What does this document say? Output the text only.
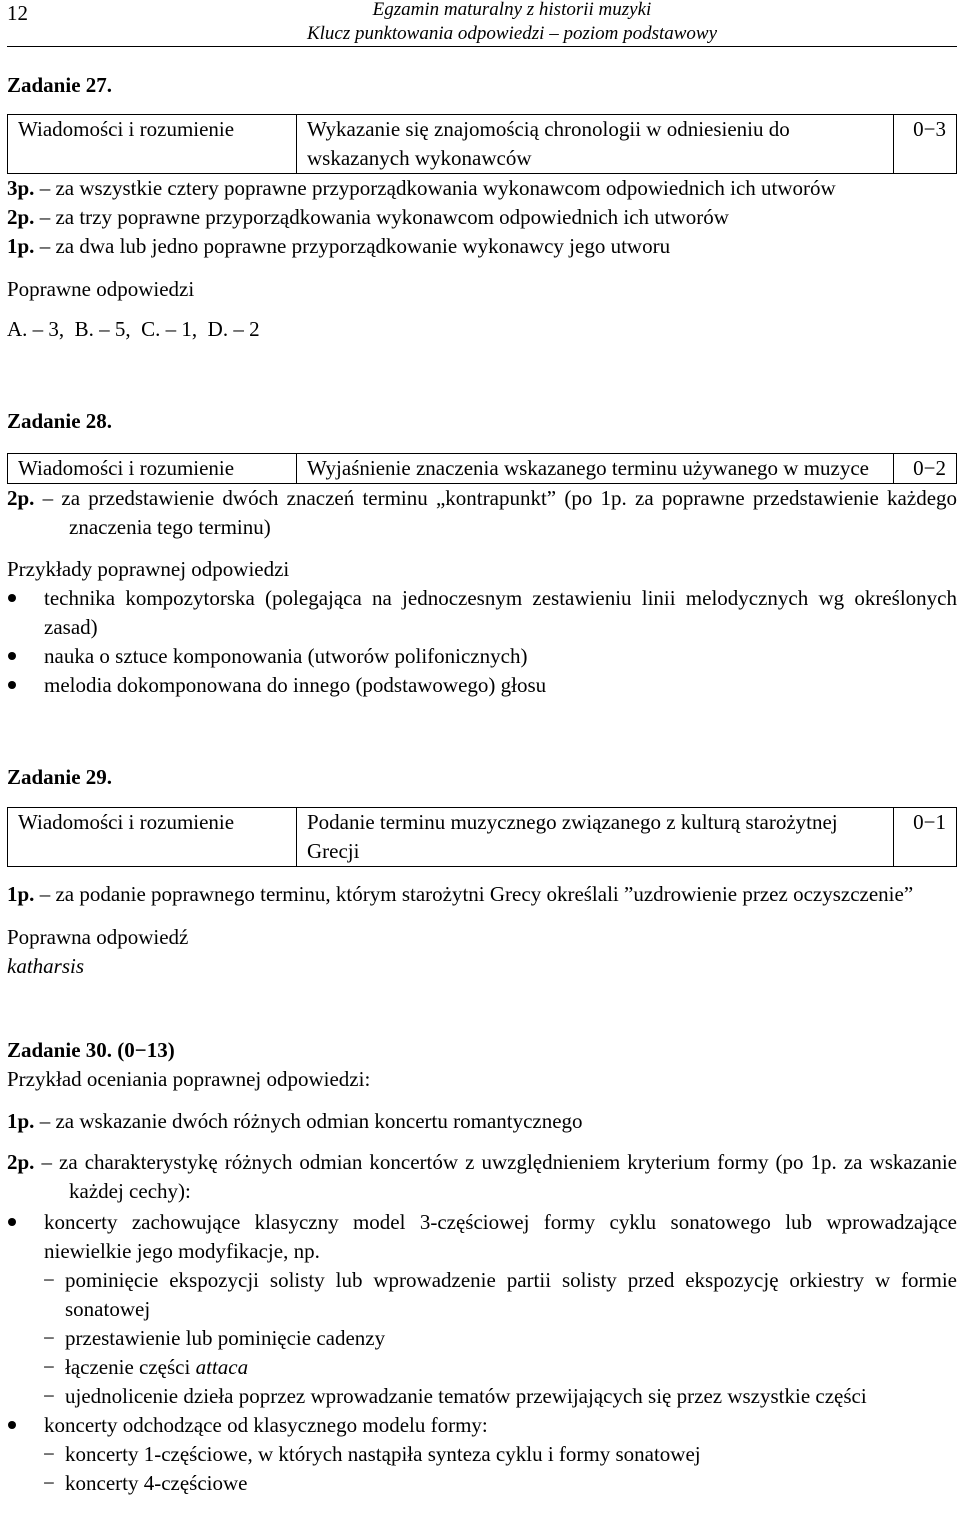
12	Egzamin maturalny z historii muzyki
Klucz punktowania odpowiedzi – poziom podstawowy

Zadanie 27.

Wiadomości i rozumienie	Wykazanie się znajomością chronologii w odniesieniu do wskazanych wykonawców	0−3
3p. – za wszystkie cztery poprawne przyporządkowania wykonawcom odpowiednich ich utworów
2p. – za trzy poprawne przyporządkowania wykonawcom odpowiednich ich utworów
1p. – za dwa lub jedno poprawne przyporządkowanie wykonawcy jego utworu
Poprawne odpowiedzi
A. – 3,  B. – 5,  C. – 1,  D. – 2

Zadanie 28.

Wiadomości i rozumienie	Wyjaśnienie znaczenia wskazanego terminu używanego w muzyce	0−2
2p. – za przedstawienie dwóch znaczeń terminu „kontrapunkt” (po 1p. za poprawne przedstawienie każdego znaczenia tego terminu)
Przykłady poprawnej odpowiedzi
technika kompozytorska (polegająca na jednoczesnym zestawieniu linii melodycznych wg określonych zasad)
nauka o sztuce komponowania (utworów polifonicznych)
melodia dokomponowana do innego (podstawowego) głosu

Zadanie 29.

Wiadomości i rozumienie	Podanie terminu muzycznego związanego z kulturą starożytnej Grecji	0−1
1p. – za podanie poprawnego terminu, którym starożytni Grecy określali ”uzdrowienie przez oczyszczenie”
Poprawna odpowiedź
katharsis

Zadanie 30. (0−13)

Przykład oceniania poprawnej odpowiedzi:
1p. – za wskazanie dwóch różnych odmian koncertu romantycznego
2p. – za charakterystykę różnych odmian koncertów z uwzględnieniem kryterium formy (po 1p. za wskazanie każdej cechy):
koncerty zachowujące klasyczny model 3-częściowej formy cyklu sonatowego lub wprowadzające niewielkie jego modyfikacje, np.
− pominięcie ekspozycji solisty lub wprowadzenie partii solisty przed ekspozycję orkiestry w formie sonatowej
− przestawienie lub pominięcie cadenzy
− łączenie części attaca
− ujednolicenie dzieła poprzez wprowadzanie tematów przewijających się przez wszystkie części
koncerty odchodzące od klasycznego modelu formy:
− koncerty 1-częściowe, w których nastąpiła synteza cyklu i formy sonatowej
− koncerty 4-częściowe
